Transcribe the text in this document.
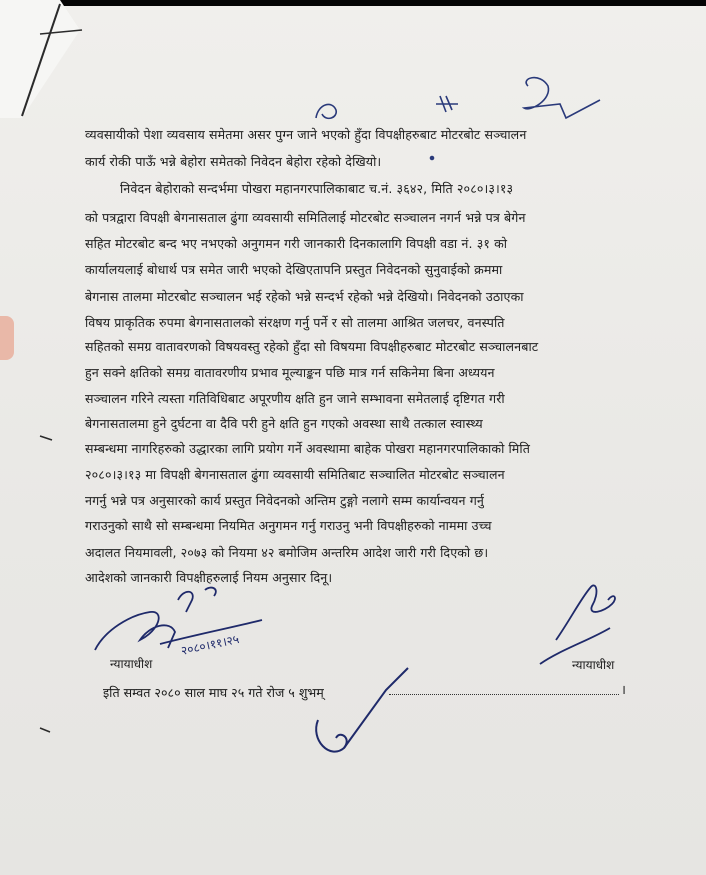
व्यवसायीको पेशा व्यवसाय समेतमा असर पुग्न जाने भएको हुँदा विपक्षीहरुबाट मोटरबोट सञ्चालन
कार्य रोकी पाऊँ भन्ने बेहोरा समेतको निवेदन बेहोरा रहेको देखियो।
निवेदन बेहोराको सन्दर्भमा पोखरा महानगरपालिकाबाट च.नं. ३६४२, मिति २०८०।३।१३
को पत्रद्वारा विपक्षी बेगनासताल ढुंगा व्यवसायी समितिलाई मोटरबोट सञ्चालन नगर्न भन्ने पत्र बेगेन
सहित मोटरबोट बन्द भए नभएको अनुगमन गरी जानकारी दिनकालागि विपक्षी वडा नं. ३१ को
कार्यालयलाई बोधार्थ पत्र समेत जारी भएको देखिएतापनि प्रस्तुत निवेदनको सुनुवाईको क्रममा
बेगनास तालमा मोटरबोट सञ्चालन भई रहेको भन्ने सन्दर्भ रहेको भन्ने देखियो। निवेदनको उठाएका
विषय प्राकृतिक रुपमा बेगनासतालको संरक्षण गर्नु पर्ने र सो तालमा आश्रित जलचर, वनस्पति
सहितको समग्र वातावरणको विषयवस्तु रहेको हुँदा सो विषयमा विपक्षीहरुबाट मोटरबोट सञ्चालनबाट
हुन सक्ने क्षतिको समग्र वातावरणीय प्रभाव मूल्याङ्कन पछि मात्र गर्न सकिनेमा बिना अध्ययन
सञ्चालन गरिने त्यस्ता गतिविधिबाट अपूरणीय क्षति हुन जाने सम्भावना समेतलाई दृष्टिगत गरी
बेगनासतालमा हुने दुर्घटना वा दैवि परी हुने क्षति हुन गएको अवस्था साथै तत्काल स्वास्थ्य
सम्बन्धमा नागरिहरुको उद्धारका लागि प्रयोग गर्ने अवस्थामा बाहेक पोखरा महानगरपालिकाको मिति
२०८०।३।१३ मा विपक्षी बेगनासताल ढुंगा व्यवसायी समितिबाट सञ्चालित मोटरबोट सञ्चालन
नगर्नु भन्ने पत्र अनुसारको कार्य प्रस्तुत निवेदनको अन्तिम टुङ्गो नलागे सम्म कार्यान्वयन गर्नु
गराउनुको साथै सो सम्बन्धमा नियमित अनुगमन गर्नु गराउनु भनी विपक्षीहरुको नाममा उच्च
अदालत नियमावली, २०७३ को नियमा ४२ बमोजिम अन्तरिम आदेश जारी गरी दिएको छ।
आदेशको जानकारी विपक्षीहरुलाई नियम अनुसार दिनू।
न्यायाधीश	न्यायाधीश
इति सम्वत २०८० साल माघ २५ गते रोज ५ शुभम्	।
२०८०।११।२५
